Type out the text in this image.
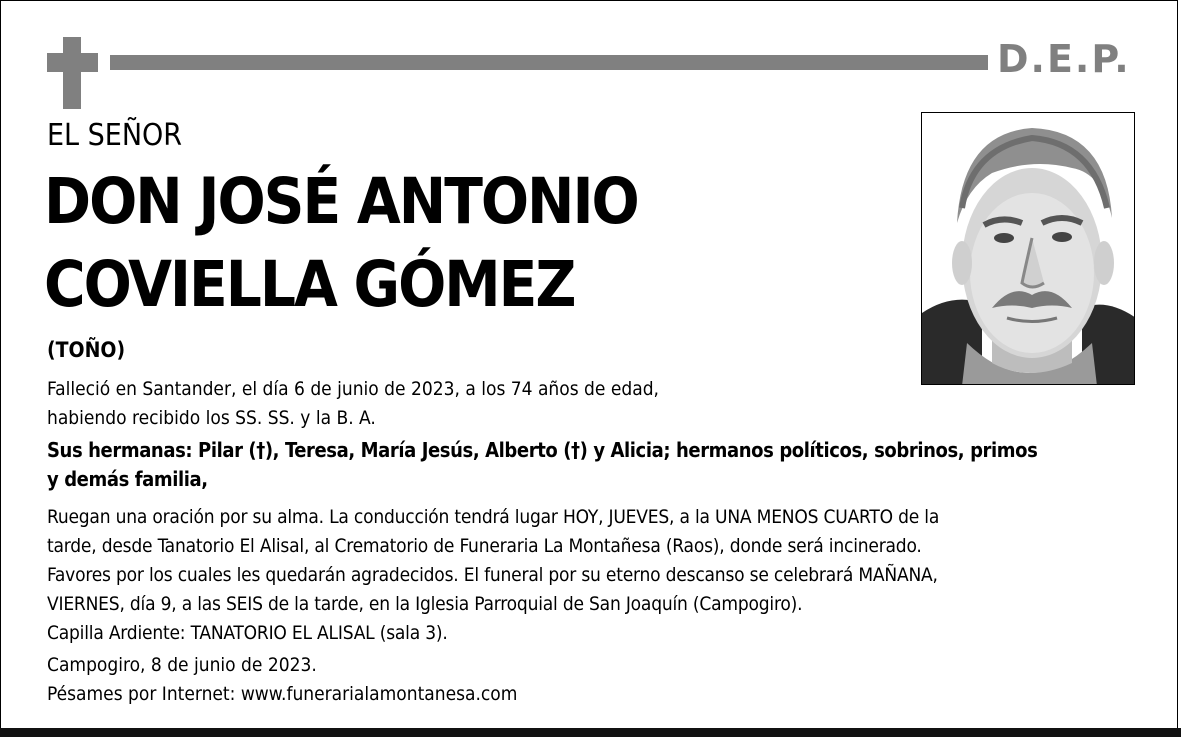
D.E.P.
EL SEÑOR
DON JOSÉ ANTONIO
COVIELLA GÓMEZ
(TOÑO)
Falleció en Santander, el día 6 de junio de 2023, a los 74 años de edad,
habiendo recibido los SS. SS. y la B. A.
Sus hermanas: Pilar (†), Teresa, María Jesús, Alberto (†) y Alicia; hermanos políticos, sobrinos, primos
y demás familia,
Ruegan una oración por su alma. La conducción tendrá lugar HOY, JUEVES, a la UNA MENOS CUARTO de la
tarde, desde Tanatorio El Alisal, al Crematorio de Funeraria La Montañesa (Raos), donde será incinerado.
Favores por los cuales les quedarán agradecidos. El funeral por su eterno descanso se celebrará MAÑANA,
VIERNES, día 9, a las SEIS de la tarde, en la Iglesia Parroquial de San Joaquín (Campogiro).
Capilla Ardiente: TANATORIO EL ALISAL (sala 3).
Campogiro, 8 de junio de 2023.
Pésames por Internet: www.funerarialamontanesa.com
